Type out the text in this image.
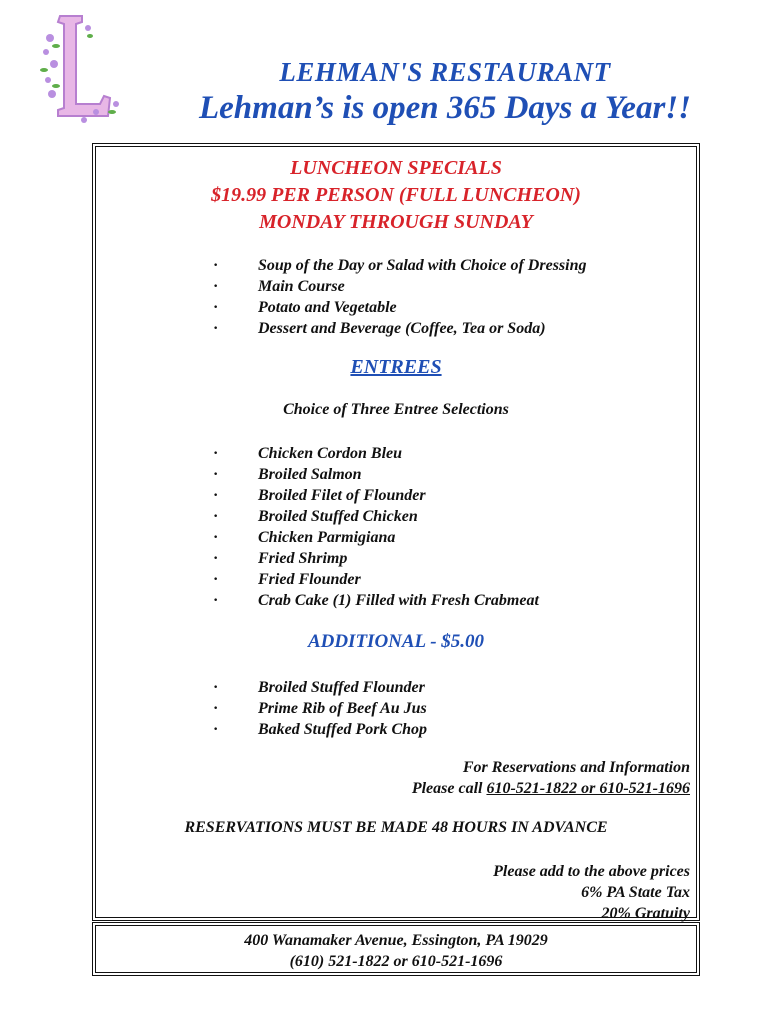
LEHMAN'S RESTAURANT
Lehman’s is open 365 Days a Year!!
LUNCHEON SPECIALS
$19.99 PER PERSON (FULL LUNCHEON)
MONDAY THROUGH SUNDAY
· Soup of the Day or Salad with Choice of Dressing
· Main Course
· Potato and Vegetable
· Dessert and Beverage (Coffee, Tea or Soda)
ENTREES
Choice of Three Entree Selections
· Chicken Cordon Bleu
· Broiled Salmon
· Broiled Filet of Flounder
· Broiled Stuffed Chicken
· Chicken Parmigiana
· Fried Shrimp
· Fried Flounder
· Crab Cake (1) Filled with Fresh Crabmeat
ADDITIONAL - $5.00
· Broiled Stuffed Flounder
· Prime Rib of Beef Au Jus
· Baked Stuffed Pork Chop
For Reservations and Information
Please call 610-521-1822 or 610-521-1696
RESERVATIONS MUST BE MADE 48 HOURS IN ADVANCE
Please add to the above prices
6% PA State Tax
20% Gratuity
400 Wanamaker Avenue, Essington, PA 19029
(610) 521-1822 or 610-521-1696
